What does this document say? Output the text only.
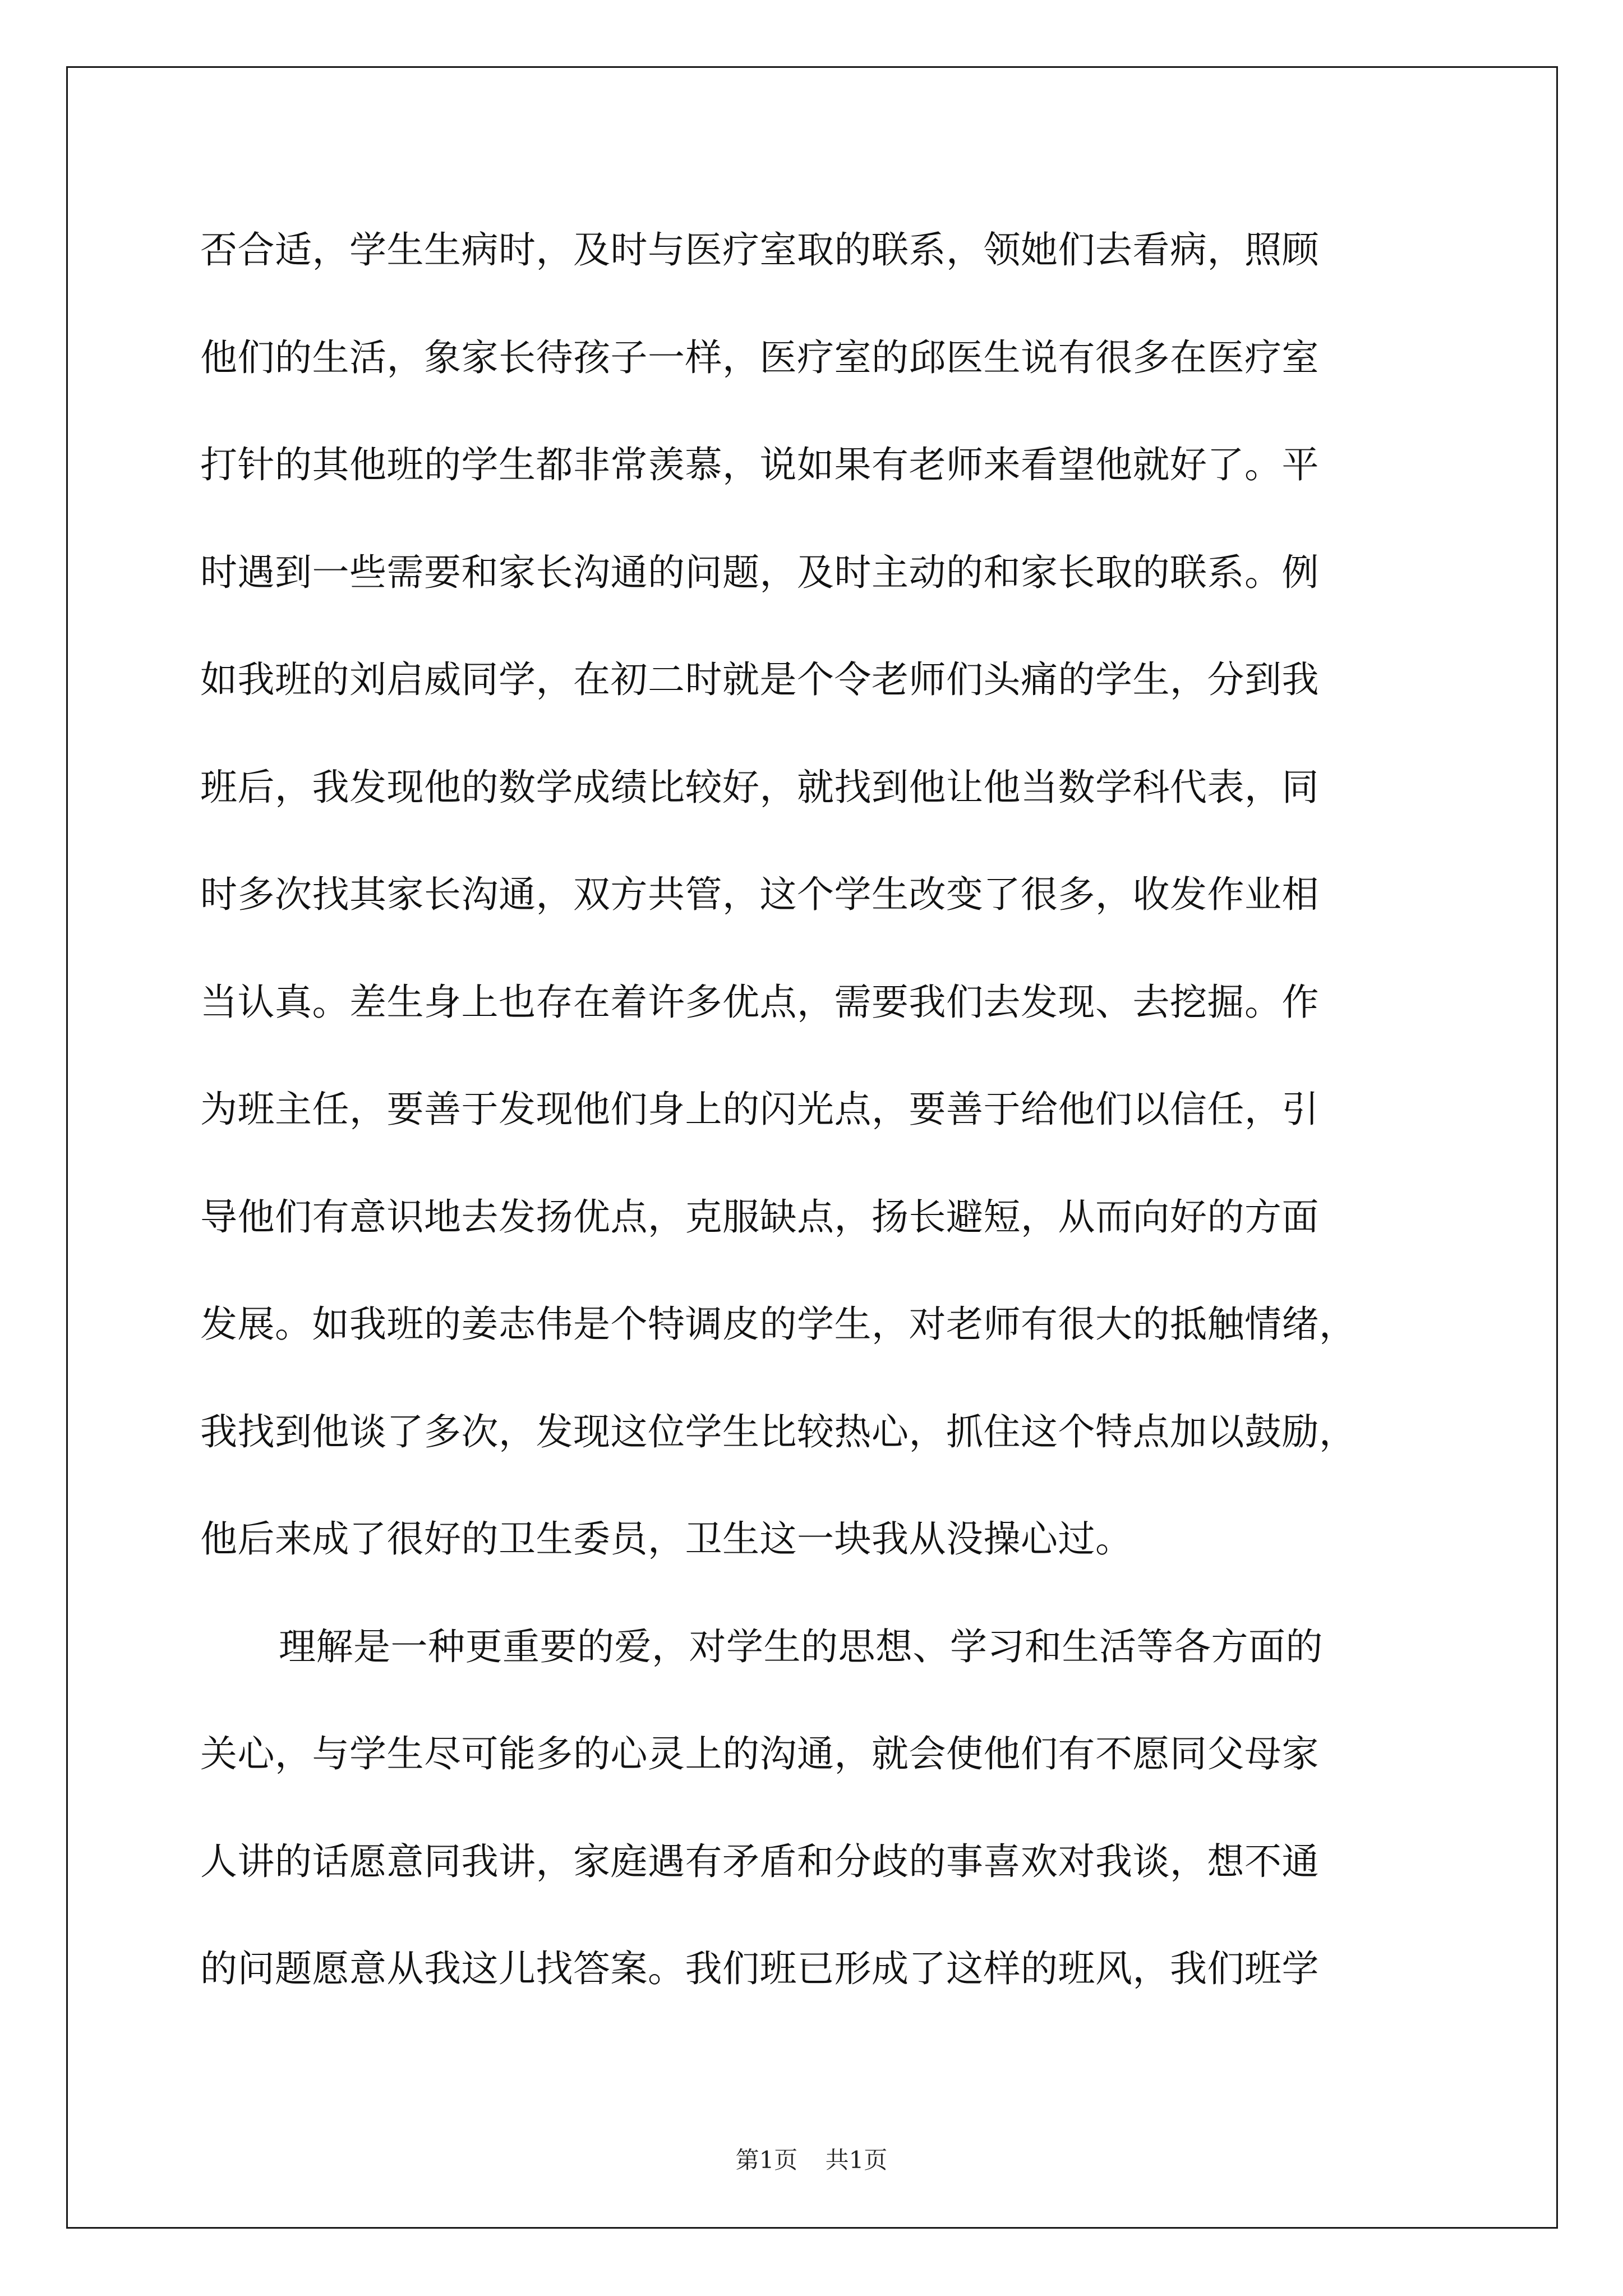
否合适，学生生病时，及时与医疗室取的联系，领她们去看病，照顾
他们的生活，象家长待孩子一样，医疗室的邱医生说有很多在医疗室
打针的其他班的学生都非常羡慕，说如果有老师来看望他就好了。平
时遇到一些需要和家长沟通的问题，及时主动的和家长取的联系。例
如我班的刘启威同学，在初二时就是个令老师们头痛的学生，分到我
班后，我发现他的数学成绩比较好，就找到他让他当数学科代表，同
时多次找其家长沟通，双方共管，这个学生改变了很多，收发作业相
当认真。差生身上也存在着许多优点，需要我们去发现、去挖掘。作
为班主任，要善于发现他们身上的闪光点，要善于给他们以信任，引
导他们有意识地去发扬优点，克服缺点，扬长避短，从而向好的方面
发展。如我班的姜志伟是个特调皮的学生，对老师有很大的抵触情绪，
我找到他谈了多次，发现这位学生比较热心，抓住这个特点加以鼓励，
他后来成了很好的卫生委员，卫生这一块我从没操心过。
理解是一种更重要的爱，对学生的思想、学习和生活等各方面的
关心，与学生尽可能多的心灵上的沟通，就会使他们有不愿同父母家
人讲的话愿意同我讲，家庭遇有矛盾和分歧的事喜欢对我谈，想不通
的问题愿意从我这儿找答案。我们班已形成了这样的班风，我们班学
第1页 共1页
